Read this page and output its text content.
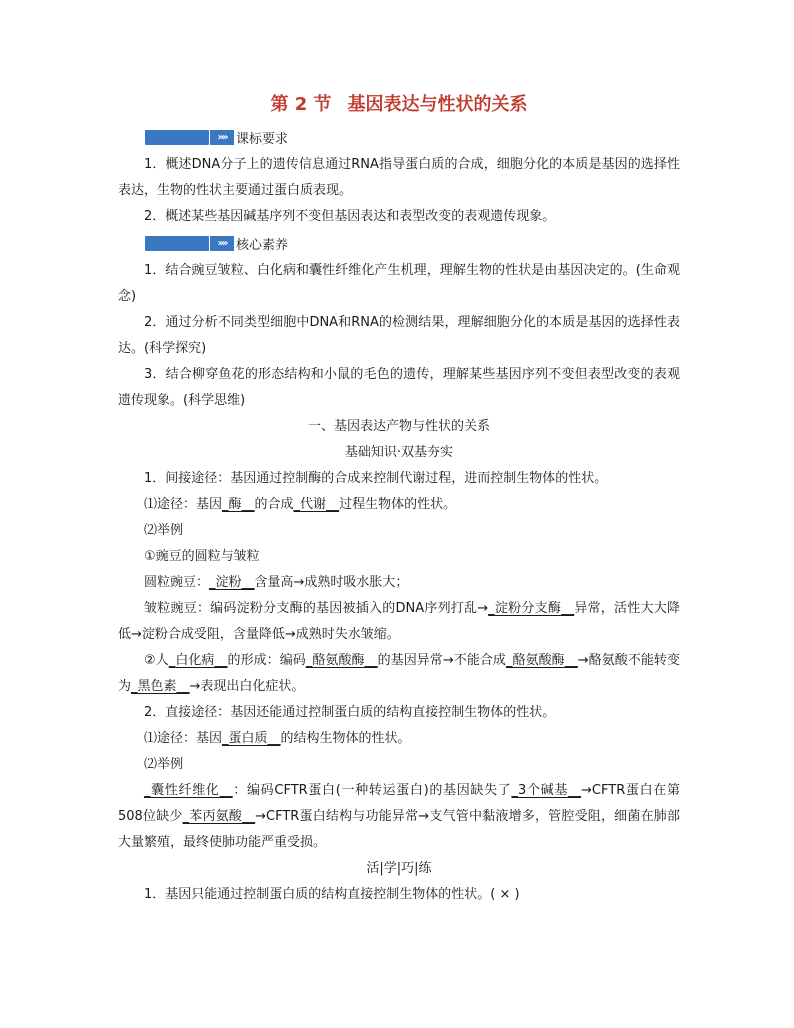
第 2 节 基因表达与性状的关系
»» 课标要求

1．概述DNA分子上的遗传信息通过RNA指导蛋白质的合成，细胞分化的本质是基因的选择性表达，生物的性状主要通过蛋白质表现。

2．概述某些基因碱基序列不变但基因表达和表型改变的表观遗传现象。

»» 核心素养

1．结合豌豆皱粒、白化病和囊性纤维化产生机理，理解生物的性状是由基因决定的。(生命观念)

2．通过分析不同类型细胞中DNA和RNA的检测结果，理解细胞分化的本质是基因的选择性表达。(科学探究)

3．结合柳穿鱼花的形态结构和小鼠的毛色的遗传，理解某些基因序列不变但表型改变的表观遗传现象。(科学思维)

一、基因表达产物与性状的关系

基础知识·双基夯实

1．间接途径：基因通过控制酶的合成来控制代谢过程，进而控制生物体的性状。

⑴途径：基因_酶__的合成_代谢__过程生物体的性状。

⑵举例

①豌豆的圆粒与皱粒

圆粒豌豆：_淀粉__含量高→成熟时吸水胀大；

皱粒豌豆：编码淀粉分支酶的基因被插入的DNA序列打乱→_淀粉分支酶__异常，活性大大降低→淀粉合成受阻，含量降低→成熟时失水皱缩。

②人_白化病__的形成：编码_酪氨酸酶__的基因异常→不能合成_酪氨酸酶__→酪氨酸不能转变为_黑色素__→表现出白化症状。

2．直接途径：基因还能通过控制蛋白质的结构直接控制生物体的性状。

⑴途径：基因_蛋白质__的结构生物体的性状。

⑵举例

_囊性纤维化__：编码CFTR蛋白(一种转运蛋白)的基因缺失了_3个碱基__→CFTR蛋白在第508位缺少_苯丙氨酸__→CFTR蛋白结构与功能异常→支气管中黏液增多，管腔受阻，细菌在肺部大量繁殖，最终使肺功能严重受损。

活|学|巧|练

1．基因只能通过控制蛋白质的结构直接控制生物体的性状。( × )
